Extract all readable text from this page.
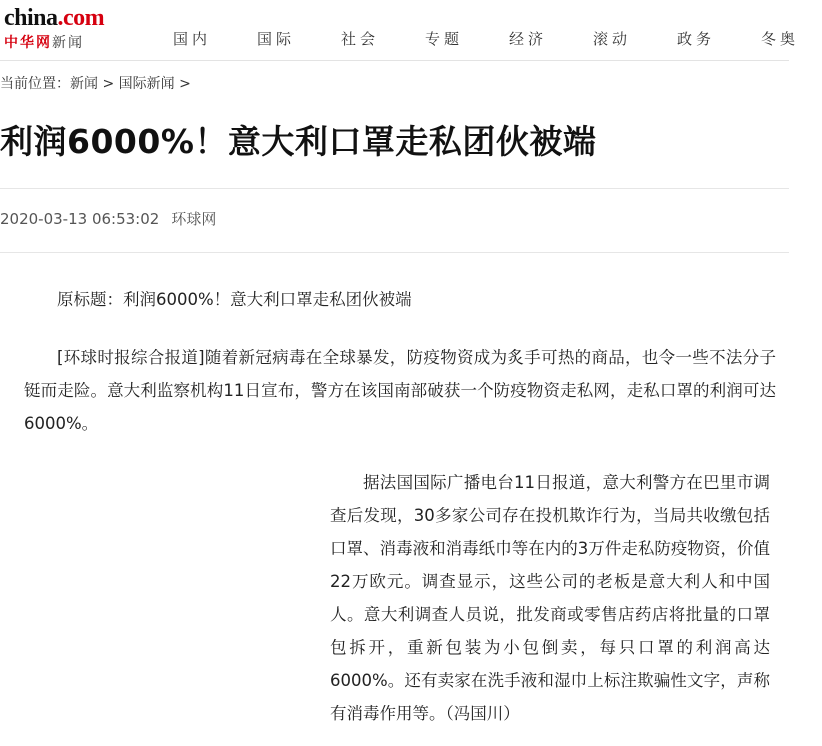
china.com
中华网新闻	国内	国际	社会	专题	经济	滚动	政务	冬奥
当前位置：新闻 > 国际新闻 >
利润6000%！意大利口罩走私团伙被端
2020-03-13 06:53:02 环球网

原标题：利润6000%！意大利口罩走私团伙被端

[环球时报综合报道]随着新冠病毒在全球暴发，防疫物资成为炙手可热的商品，也令一些不法分子铤而走险。意大利监察机构11日宣布，警方在该国南部破获一个防疫物资走私网，走私口罩的利润可达6000%。

据法国国际广播电台11日报道，意大利警方在巴里市调查后发现，30多家公司存在投机欺诈行为，当局共收缴包括口罩、消毒液和消毒纸巾等在内的3万件走私防疫物资，价值22万欧元。调查显示，这些公司的老板是意大利人和中国人。意大利调查人员说，批发商或零售店药店将批量的口罩包拆开，重新包装为小包倒卖，每只口罩的利润高达6000%。还有卖家在洗手液和湿巾上标注欺骗性文字，声称有消毒作用等。（冯国川）
